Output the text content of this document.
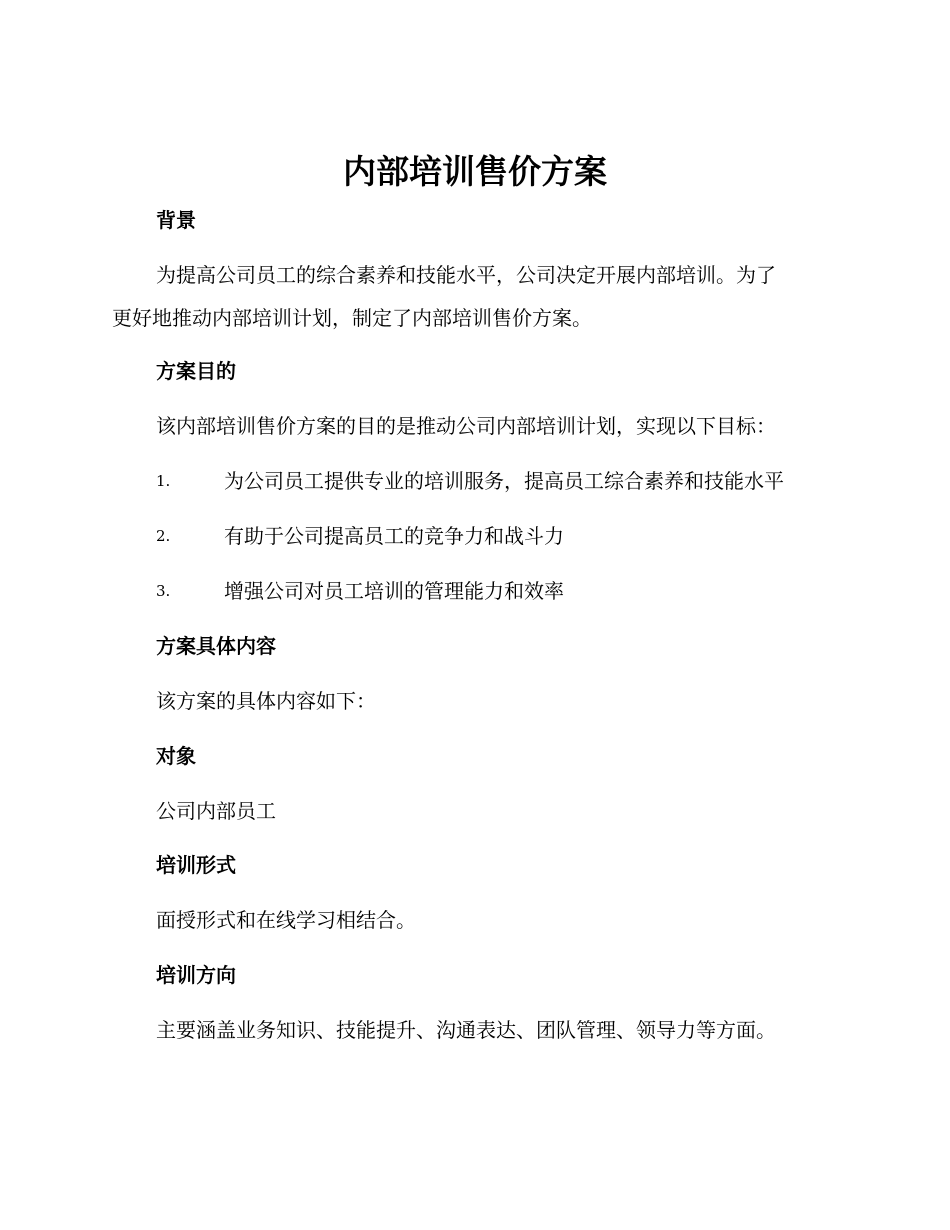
内部培训售价方案
背景

为提高公司员工的综合素养和技能水平，公司决定开展内部培训。为了

更好地推动内部培训计划，制定了内部培训售价方案。

方案目的

该内部培训售价方案的目的是推动公司内部培训计划，实现以下目标：

1.	为公司员工提供专业的培训服务，提高员工综合素养和技能水平
2.	有助于公司提高员工的竞争力和战斗力
3.	增强公司对员工培训的管理能力和效率
方案具体内容

该方案的具体内容如下：

对象

公司内部员工

培训形式

面授形式和在线学习相结合。

培训方向

主要涵盖业务知识、技能提升、沟通表达、团队管理、领导力等方面。
